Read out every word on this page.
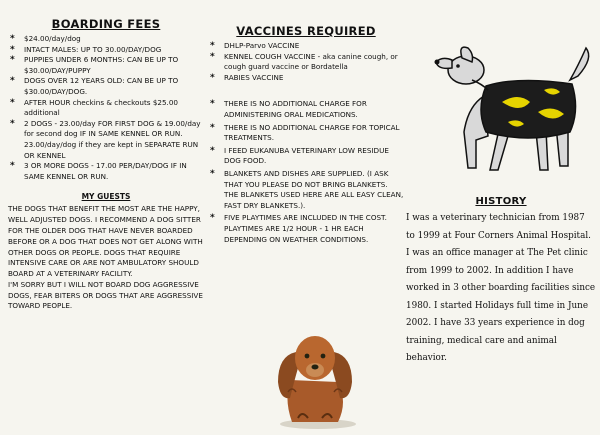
BOARDING FEES
* $24.00/day/dog
* INTACT MALES: UP TO 30.00/DAY/DOG
* PUPPIES UNDER 6 MONTHS: CAN BE UP TO $30.00/DAY/PUPPY
* DOGS OVER 12 YEARS OLD: CAN BE UP TO $30.00/DAY/DOG.
* AFTER HOUR checkins & checkouts $25.00 additional
* 2 DOGS - 23.00/day FOR FIRST DOG & 19.00/day for second dog IF IN SAME KENNEL OR RUN. 23.00/day/dog if they are kept in SEPARATE RUN OR KENNEL
* 3 OR MORE DOGS - 17.00 PER/DAY/DOG IF IN SAME KENNEL OR RUN.
MY GUESTS

THE DOGS THAT BENEFIT THE MOST ARE THE HAPPY, WELL ADJUSTED DOGS. I RECOMMEND A DOG SITTER FOR THE OLDER DOG THAT HAVE NEVER BOARDED BEFORE OR A DOG THAT DOES NOT GET ALONG WITH OTHER DOGS OR PEOPLE. DOGS THAT REQUIRE INTENSIVE CARE OR ARE NOT AMBULATORY SHOULD BOARD AT A VETERINARY FACILITY.

I'M SORRY BUT I WILL NOT BOARD DOG AGGRESSIVE DOGS, FEAR BITERS OR DOGS THAT ARE AGGRESSIVE TOWARD PEOPLE.

VACCINES REQUIRED
* DHLP-Parvo VACCINE
* KENNEL COUGH VACCINE - aka canine cough, or cough guard vaccine or Bordatella
* RABIES VACCINE
* THERE IS NO ADDITIONAL CHARGE FOR ADMINISTERING ORAL MEDICATIONS.
* THERE IS NO ADDITIONAL CHARGE FOR TOPICAL TREATMENTS.
* I FEED EUKANUBA VETERINARY LOW RESIDUE DOG FOOD.
* BLANKETS AND DISHES ARE SUPPLIED. (I ASK THAT YOU PLEASE DO NOT BRING BLANKETS. THE BLANKETS USED HERE ARE ALL EASY CLEAN, FAST DRY BLANKETS.).
* FIVE PLAYTIMES ARE INCLUDED IN THE COST. PLAYTIMES ARE 1/2 HOUR - 1 HR EACH DEPENDING ON WEATHER CONDITIONS.
HISTORY

I was a veterinary technician from 1987 to 1999 at Four Corners Animal Hospital. I was an office manager at The Pet clinic from 1999 to 2002. In addition I have worked in 3 other boarding facilities since 1980. I started Holidays full time in June 2002. I have 33 years experience in dog training, medical care and animal behavior.
